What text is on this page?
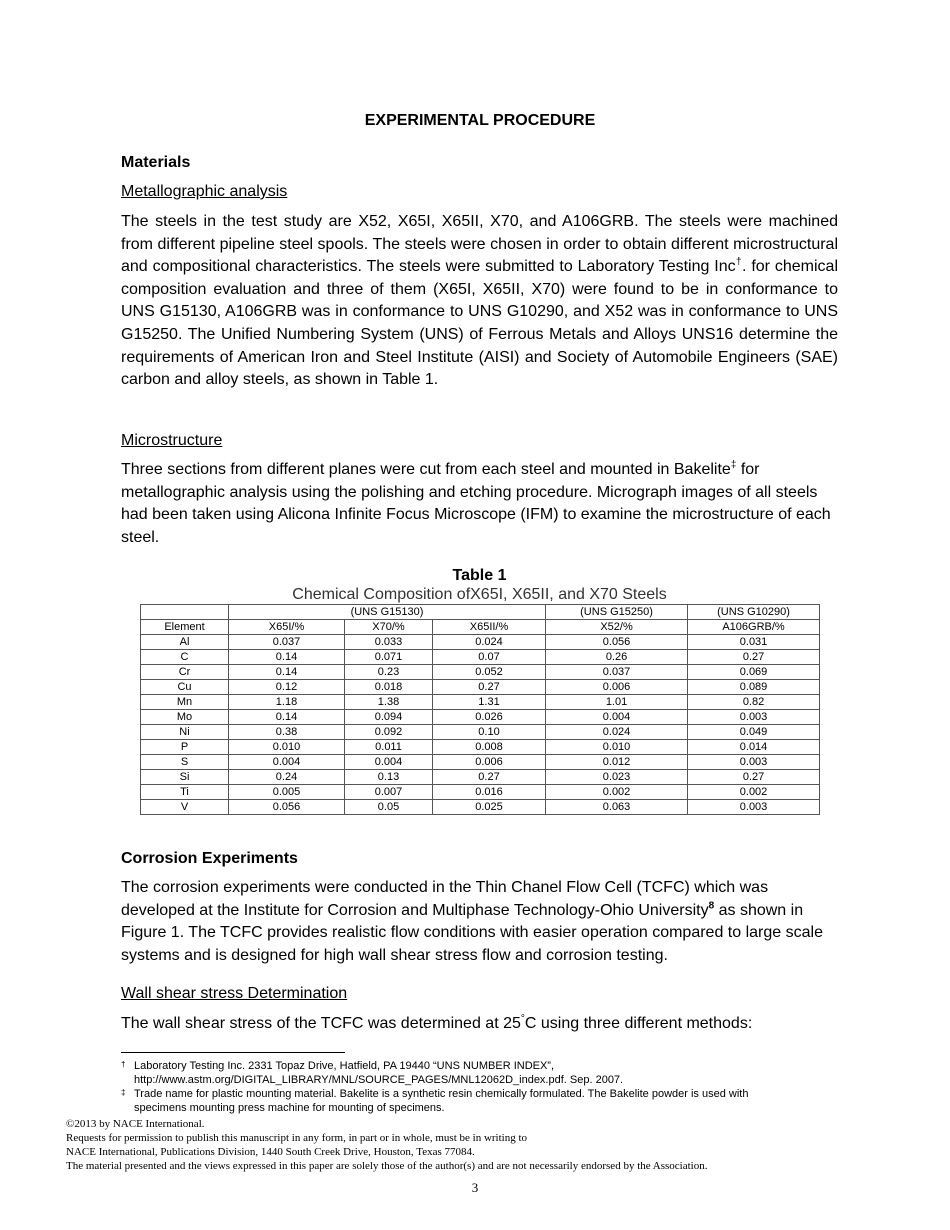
EXPERIMENTAL PROCEDURE
Materials
Metallographic analysis
The steels in the test study are X52, X65I, X65II, X70, and A106GRB. The steels were machined from different pipeline steel spools. The steels were chosen in order to obtain different microstructural and compositional characteristics. The steels were submitted to Laboratory Testing Inc†. for chemical composition evaluation and three of them (X65I, X65II, X70) were found to be in conformance to UNS G15130, A106GRB was in conformance to UNS G10290, and X52 was in conformance to UNS G15250. The Unified Numbering System (UNS) of Ferrous Metals and Alloys UNS16 determine the requirements of American Iron and Steel Institute (AISI) and Society of Automobile Engineers (SAE) carbon and alloy steels, as shown in Table 1.
Microstructure
Three sections from different planes were cut from each steel and mounted in Bakelite‡ for metallographic analysis using the polishing and etching procedure. Micrograph images of all steels had been taken using Alicona Infinite Focus Microscope (IFM) to examine the microstructure of each steel.
Table 1
Chemical Composition ofX65I, X65II, and X70 Steels
	(UNS G15130)			(UNS G15250)	(UNS G10290)
Element	X65I/%	X70/%	X65II/%	X52/%	A106GRB/%
Al	0.037	0.033	0.024	0.056	0.031
C	0.14	0.071	0.07	0.26	0.27
Cr	0.14	0.23	0.052	0.037	0.069
Cu	0.12	0.018	0.27	0.006	0.089
Mn	1.18	1.38	1.31	1.01	0.82
Mo	0.14	0.094	0.026	0.004	0.003
Ni	0.38	0.092	0.10	0.024	0.049
P	0.010	0.011	0.008	0.010	0.014
S	0.004	0.004	0.006	0.012	0.003
Si	0.24	0.13	0.27	0.023	0.27
Ti	0.005	0.007	0.016	0.002	0.002
V	0.056	0.05	0.025	0.063	0.003
Corrosion Experiments
The corrosion experiments were conducted in the Thin Chanel Flow Cell (TCFC) which was developed at the Institute for Corrosion and Multiphase Technology-Ohio University$^8$ as shown in Figure 1. The TCFC provides realistic flow conditions with easier operation compared to large scale systems and is designed for high wall shear stress flow and corrosion testing.
Wall shear stress Determination
The wall shear stress of the TCFC was determined at 25°C using three different methods:
† Laboratory Testing Inc. 2331 Topaz Drive, Hatfield, PA 19440 “UNS NUMBER INDEX”,
http://www.astm.org/DIGITAL_LIBRARY/MNL/SOURCE_PAGES/MNL12062D_index.pdf. Sep. 2007.
‡ Trade name for plastic mounting material. Bakelite is a synthetic resin chemically formulated. The Bakelite powder is used with
specimens mounting press machine for mounting of specimens.
©2013 by NACE International.
Requests for permission to publish this manuscript in any form, in part or in whole, must be in writing to
NACE International, Publications Division, 1440 South Creek Drive, Houston, Texas 77084.
The material presented and the views expressed in this paper are solely those of the author(s) and are not necessarily endorsed by the Association.
3
